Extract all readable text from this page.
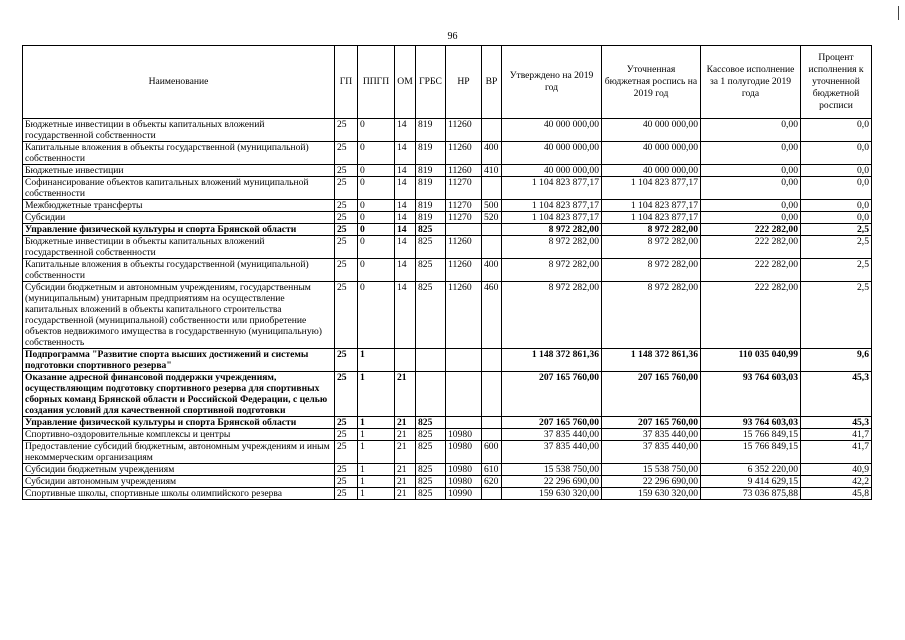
96
Наименование	ГП	ППГП	ОМ	ГРБС	НР	ВР	Утверждено на 2019 год	Уточненная бюджетная роспись на 2019 год	Кассовое исполнение за 1 полугодие 2019 года	Процент исполнения к уточненной бюджетной росписи
Бюджетные инвестиции в объекты капитальных вложений государственной собственности	25	0	14	819	11260		40 000 000,00	40 000 000,00	0,00	0,0
Капитальные вложения в объекты государственной (муниципальной) собственности	25	0	14	819	11260	400	40 000 000,00	40 000 000,00	0,00	0,0
Бюджетные инвестиции	25	0	14	819	11260	410	40 000 000,00	40 000 000,00	0,00	0,0
Софинансирование объектов капитальных вложений муниципальной собственности	25	0	14	819	11270		1 104 823 877,17	1 104 823 877,17	0,00	0,0
Межбюджетные трансферты	25	0	14	819	11270	500	1 104 823 877,17	1 104 823 877,17	0,00	0,0
Субсидии	25	0	14	819	11270	520	1 104 823 877,17	1 104 823 877,17	0,00	0,0
Управление физической культуры и спорта Брянской области	25	0	14	825			8 972 282,00	8 972 282,00	222 282,00	2,5
Бюджетные инвестиции в объекты капитальных вложений государственной собственности	25	0	14	825	11260		8 972 282,00	8 972 282,00	222 282,00	2,5
Капитальные вложения в объекты государственной (муниципальной) собственности	25	0	14	825	11260	400	8 972 282,00	8 972 282,00	222 282,00	2,5
Субсидии бюджетным и автономным учреждениям, государственным (муниципальным) унитарным предприятиям на осуществление капитальных вложений в объекты капитального строительства государственной (муниципальной) собственности или приобретение объектов недвижимого имущества в государственную (муниципальную) собственность	25	0	14	825	11260	460	8 972 282,00	8 972 282,00	222 282,00	2,5
Подпрограмма "Развитие спорта высших достижений и системы подготовки спортивного резерва"	25	1					1 148 372 861,36	1 148 372 861,36	110 035 040,99	9,6
Оказание адресной финансовой поддержки учреждениям, осуществляющим подготовку спортивного резерва для спортивных сборных команд Брянской области и Российской Федерации, с целью создания условий для качественной спортивной подготовки	25	1	21				207 165 760,00	207 165 760,00	93 764 603,03	45,3
Управление физической культуры и спорта Брянской области	25	1	21	825			207 165 760,00	207 165 760,00	93 764 603,03	45,3
Спортивно-оздоровительные комплексы и центры	25	1	21	825	10980		37 835 440,00	37 835 440,00	15 766 849,15	41,7
Предоставление субсидий бюджетным, автономным учреждениям и иным некоммерческим организациям	25	1	21	825	10980	600	37 835 440,00	37 835 440,00	15 766 849,15	41,7
Субсидии бюджетным учреждениям	25	1	21	825	10980	610	15 538 750,00	15 538 750,00	6 352 220,00	40,9
Субсидии автономным учреждениям	25	1	21	825	10980	620	22 296 690,00	22 296 690,00	9 414 629,15	42,2
Спортивные школы, спортивные школы олимпийского резерва	25	1	21	825	10990		159 630 320,00	159 630 320,00	73 036 875,88	45,8
